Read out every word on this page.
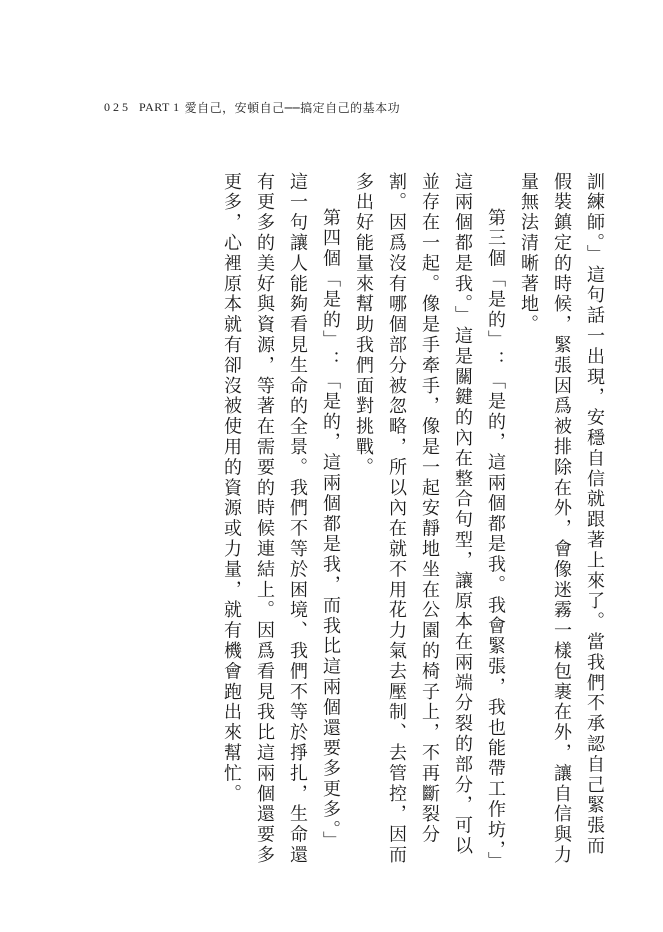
025 PART 1 愛自己，安頓自己──搞定自己的基本功

訓練師。」這句話一出現，安穩自信就跟著上來了。當我們不承認自己緊張而假裝鎮定的時候，緊張因爲被排除在外，會像迷霧一樣包裹在外，讓自信與力量無法清晰著地。

第三個「是的」：「是的，這兩個都是我。我會緊張，我也能帶工作坊，」這兩個都是我。」這是關鍵的內在整合句型，讓原本在兩端分裂的部分，可以並存在一起。像是手牽手，像是一起安靜地坐在公園的椅子上，不再斷裂分割。因爲沒有哪個部分被忽略，所以內在就不用花力氣去壓制、去管控，因而多出好能量來幫助我們面對挑戰。

第四個「是的」：「是的，這兩個都是我，而我比這兩個還要多更多。」這一句讓人能夠看見生命的全景。我們不等於困境、我們不等於掙扎，生命還有更多的美好與資源，等著在需要的時候連結上。因爲看見我比這兩個還要多更多，心裡原本就有卻沒被使用的資源或力量，就有機會跑出來幫忙。
